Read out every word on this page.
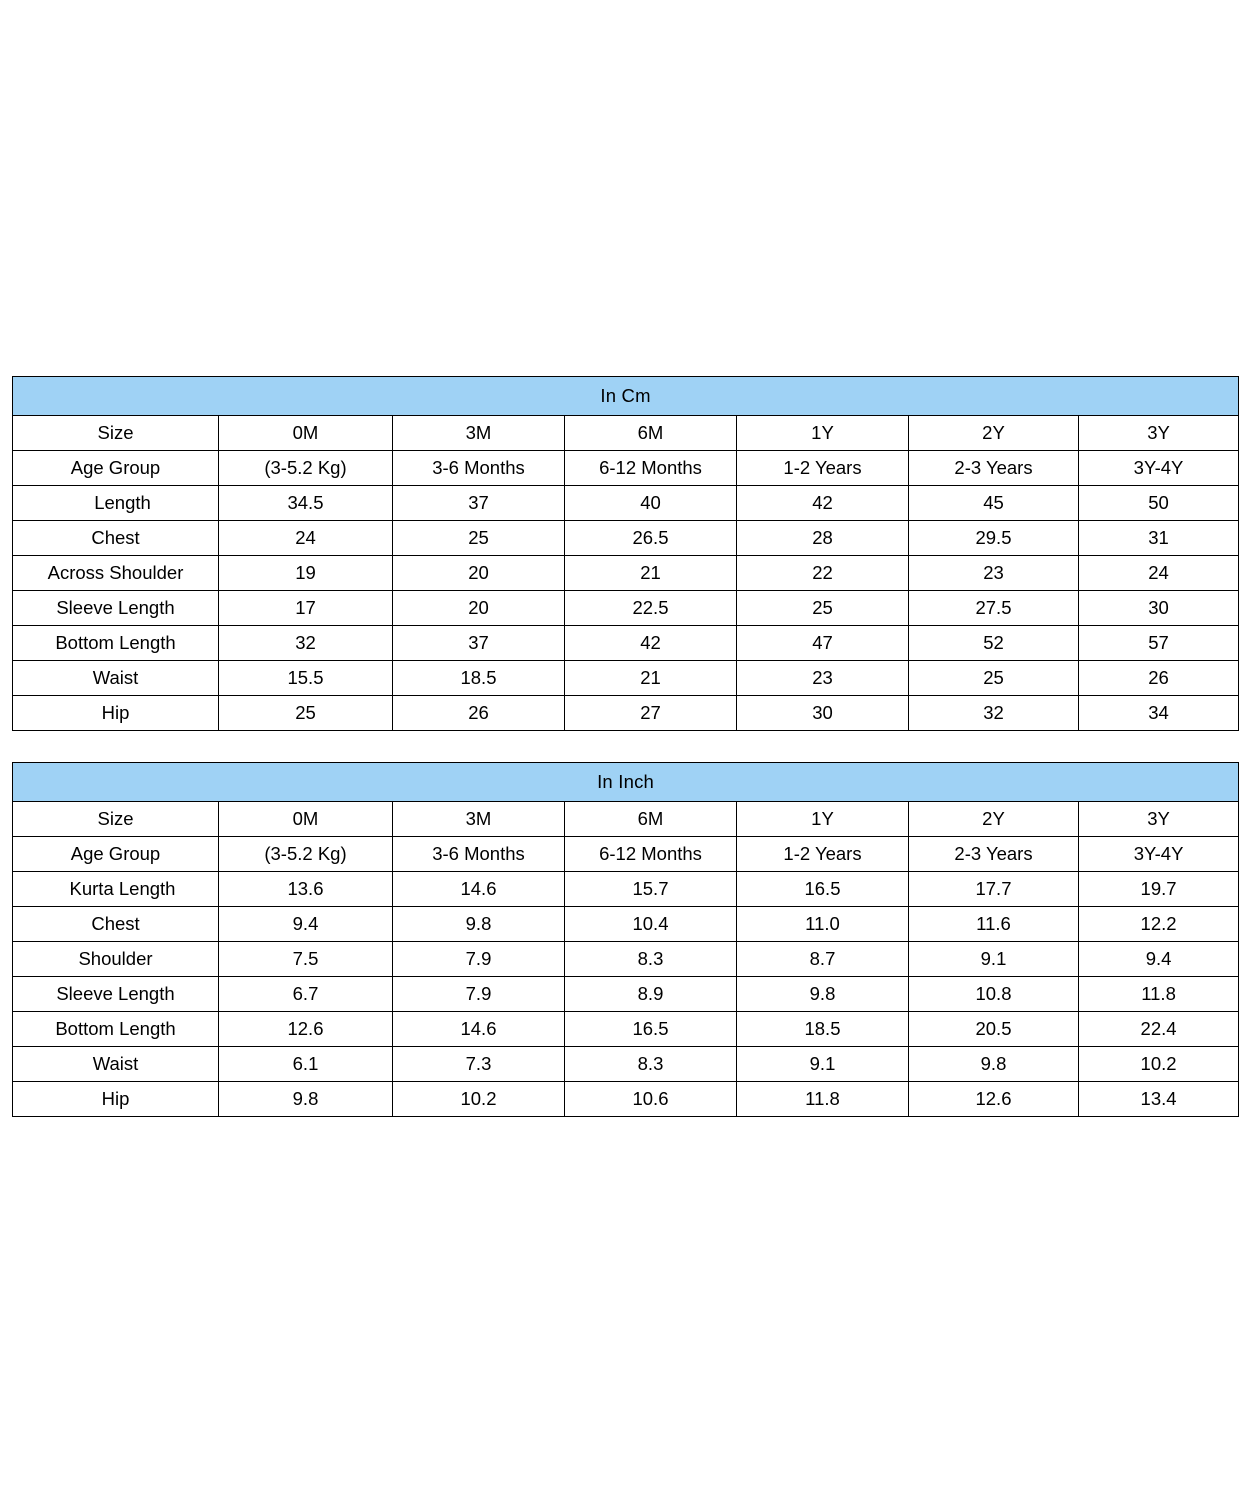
In Cm						
Size	0M	3M	6M	1Y	2Y	3Y
Age Group	(3-5.2 Kg)	3-6 Months	6-12 Months	1-2 Years	2-3 Years	3Y-4Y
Length	34.5	37	40	42	45	50
Chest	24	25	26.5	28	29.5	31
Across Shoulder	19	20	21	22	23	24
Sleeve Length	17	20	22.5	25	27.5	30
Bottom Length	32	37	42	47	52	57
Waist	15.5	18.5	21	23	25	26
Hip	25	26	27	30	32	34
In Inch						
Size	0M	3M	6M	1Y	2Y	3Y
Age Group	(3-5.2 Kg)	3-6 Months	6-12 Months	1-2 Years	2-3 Years	3Y-4Y
Kurta Length	13.6	14.6	15.7	16.5	17.7	19.7
Chest	9.4	9.8	10.4	11.0	11.6	12.2
Shoulder	7.5	7.9	8.3	8.7	9.1	9.4
Sleeve Length	6.7	7.9	8.9	9.8	10.8	11.8
Bottom Length	12.6	14.6	16.5	18.5	20.5	22.4
Waist	6.1	7.3	8.3	9.1	9.8	10.2
Hip	9.8	10.2	10.6	11.8	12.6	13.4
